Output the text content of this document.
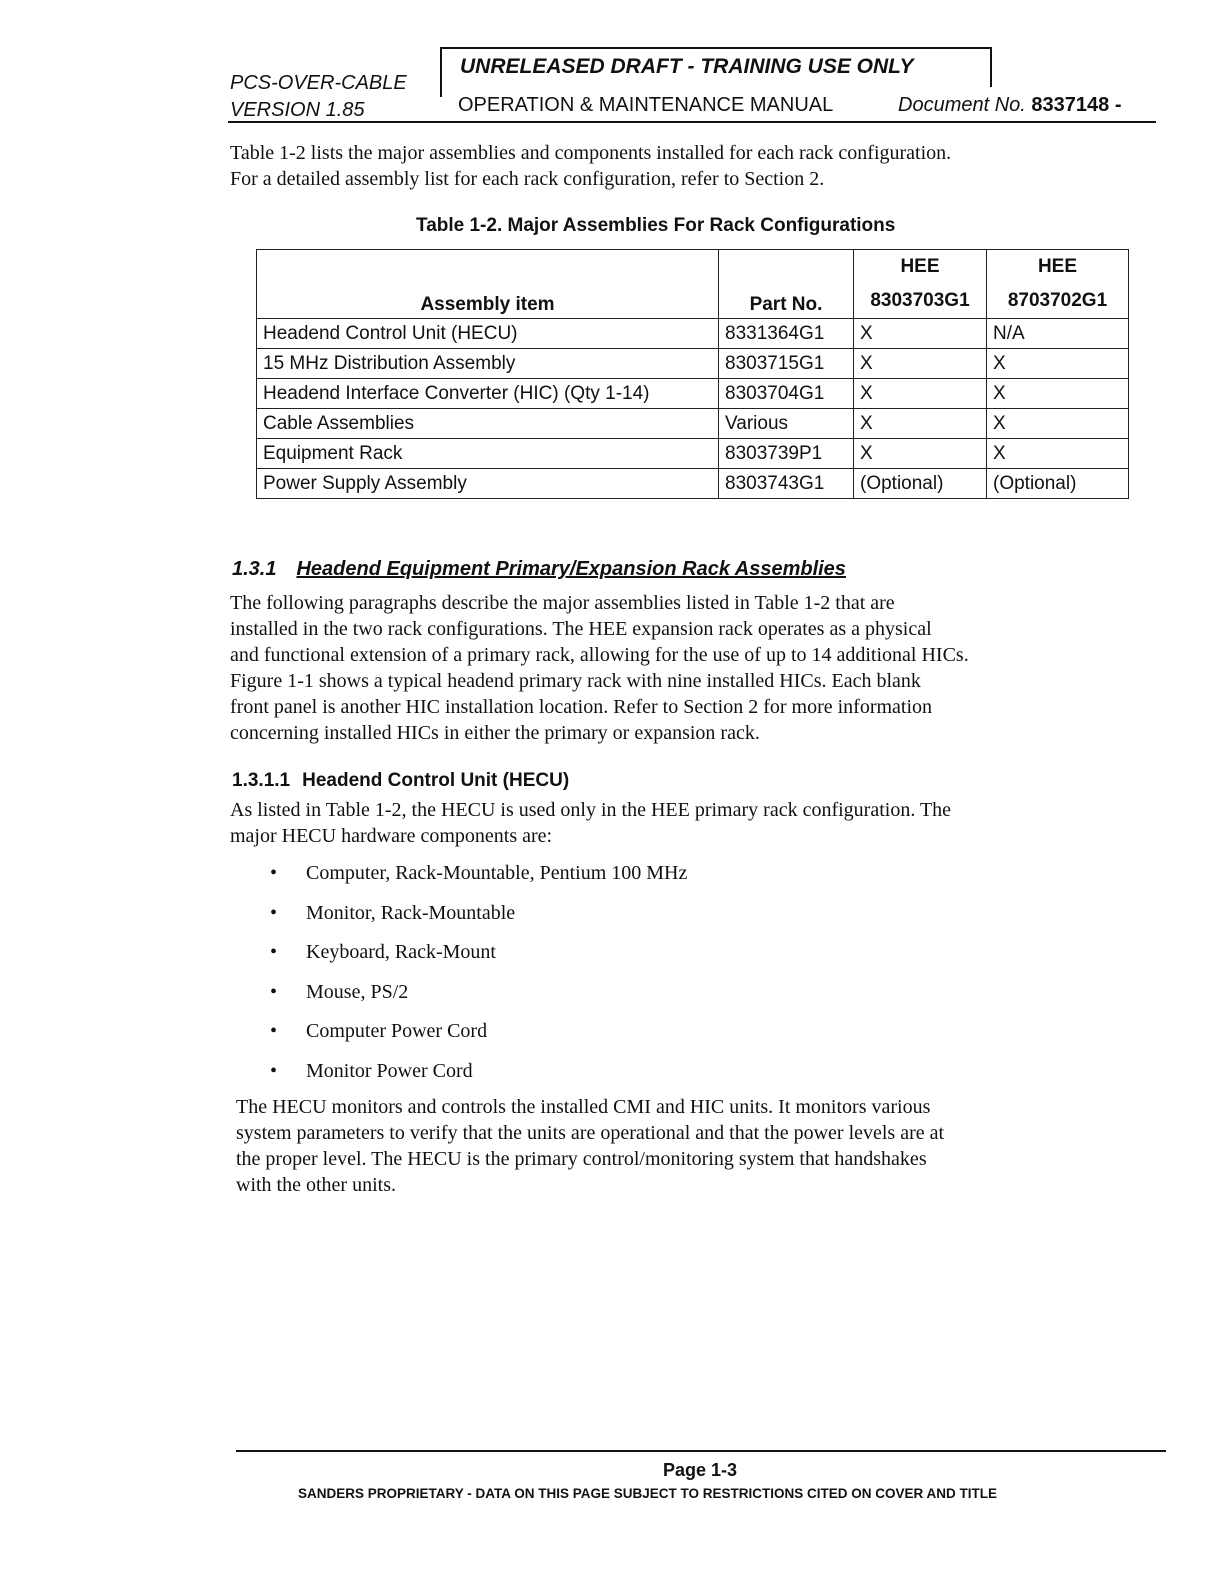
PCS-OVER-CABLE
VERSION 1.85
UNRELEASED DRAFT - TRAINING USE ONLY
OPERATION & MAINTENANCE MANUAL	Document No. 8337148 -
Table 1-2 lists the major assemblies and components installed for each rack configuration.
For a detailed assembly list for each rack configuration, refer to Section 2.
Table 1-2. Major Assemblies For Rack Configurations
Assembly item	Part No.	HEE	HEE
		8303703G1	8703702G1
Headend Control Unit (HECU)	8331364G1	X	N/A
15 MHz Distribution Assembly	8303715G1	X	X
Headend Interface Converter (HIC) (Qty 1-14)	8303704G1	X	X
Cable Assemblies	Various	X	X
Equipment Rack	8303739P1	X	X
Power Supply Assembly	8303743G1	(Optional)	(Optional)
1.3.1 Headend Equipment Primary/Expansion Rack Assemblies
The following paragraphs describe the major assemblies listed in Table 1-2 that are
installed in the two rack configurations. The HEE expansion rack operates as a physical
and functional extension of a primary rack, allowing for the use of up to 14 additional HICs.
Figure 1-1 shows a typical headend primary rack with nine installed HICs. Each blank
front panel is another HIC installation location. Refer to Section 2 for more information
concerning installed HICs in either the primary or expansion rack.
1.3.1.1 Headend Control Unit (HECU)
As listed in Table 1-2, the HECU is used only in the HEE primary rack configuration. The
major HECU hardware components are:
• Computer, Rack-Mountable, Pentium 100 MHz
• Monitor, Rack-Mountable
• Keyboard, Rack-Mount
• Mouse, PS/2
• Computer Power Cord
• Monitor Power Cord
The HECU monitors and controls the installed CMI and HIC units. It monitors various
system parameters to verify that the units are operational and that the power levels are at
the proper level. The HECU is the primary control/monitoring system that handshakes
with the other units.
Page 1-3
SANDERS PROPRIETARY - DATA ON THIS PAGE SUBJECT TO RESTRICTIONS CITED ON COVER AND TITLE
